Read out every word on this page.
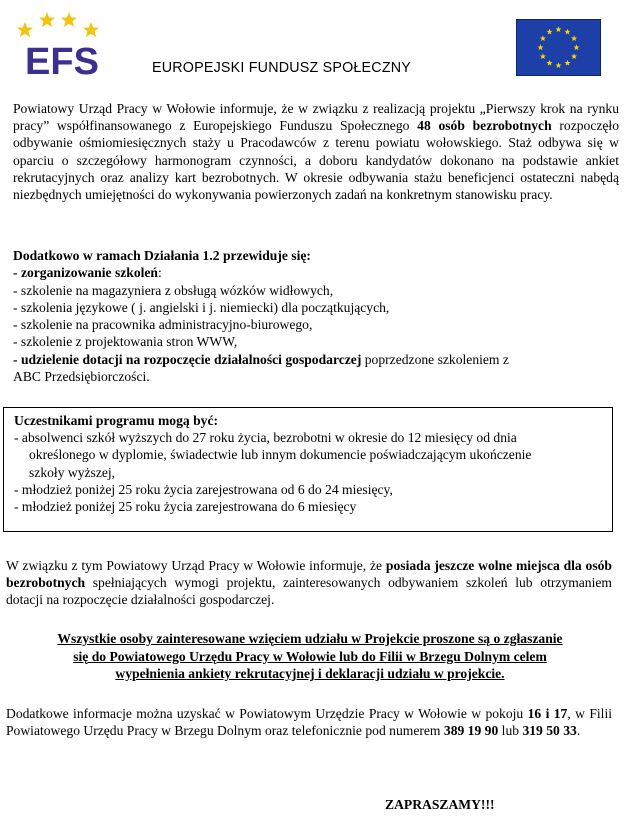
EFS	EUROPEJSKI FUNDUSZ SPOŁECZNY

Powiatowy Urząd Pracy w Wołowie informuje, że w związku z realizacją projektu „Pierwszy krok na rynku pracy” współfinansowanego z Europejskiego Funduszu Społecznego 48 osób bezrobotnych rozpoczęło odbywanie ośmiomiesięcznych staży u Pracodawców z terenu powiatu wołowskiego. Staż odbywa się w oparciu o szczegółowy harmonogram czynności, a doboru kandydatów dokonano na podstawie ankiet rekrutacyjnych oraz analizy kart bezrobotnych. W okresie odbywania stażu beneficjenci ostateczni nabędą niezbędnych umiejętności do wykonywania powierzonych zadań na konkretnym stanowisku pracy.

Dodatkowo w ramach Działania 1.2 przewiduje się:
- zorganizowanie szkoleń:
- szkolenie na magazyniera z obsługą wózków widłowych,
- szkolenia językowe ( j. angielski i j. niemiecki) dla początkujących,
- szkolenie na pracownika administracyjno-biurowego,
- szkolenie z projektowania stron WWW,
- udzielenie dotacji na rozpoczęcie działalności gospodarczej poprzedzone szkoleniem z
ABC Przedsiębiorczości.
Uczestnikami programu mogą być:
- absolwenci szkół wyższych do 27 roku życia, bezrobotni w okresie do 12 miesięcy od dnia
określonego w dyplomie, świadectwie lub innym dokumencie poświadczającym ukończenie
szkoły wyższej,
- młodzież poniżej 25 roku życia zarejestrowana od 6 do 24 miesięcy,
- młodzież poniżej 25 roku życia zarejestrowana do 6 miesięcy

W związku z tym Powiatowy Urząd Pracy w Wołowie informuje, że posiada jeszcze wolne miejsca dla osób bezrobotnych spełniających wymogi projektu, zainteresowanych odbywaniem szkoleń lub otrzymaniem dotacji na rozpoczęcie działalności gospodarczej.

Wszystkie osoby zainteresowane wzięciem udziału w Projekcie proszone są o zgłaszanie
się do Powiatowego Urzędu Pracy w Wołowie lub do Filii w Brzegu Dolnym celem
wypełnienia ankiety rekrutacyjnej i deklaracji udziału w projekcie.

Dodatkowe informacje można uzyskać w Powiatowym Urzędzie Pracy w Wołowie w pokoju 16 i 17, w Filii Powiatowego Urzędu Pracy w Brzegu Dolnym oraz telefonicznie pod numerem 389 19 90 lub 319 50 33.

ZAPRASZAMY!!!
